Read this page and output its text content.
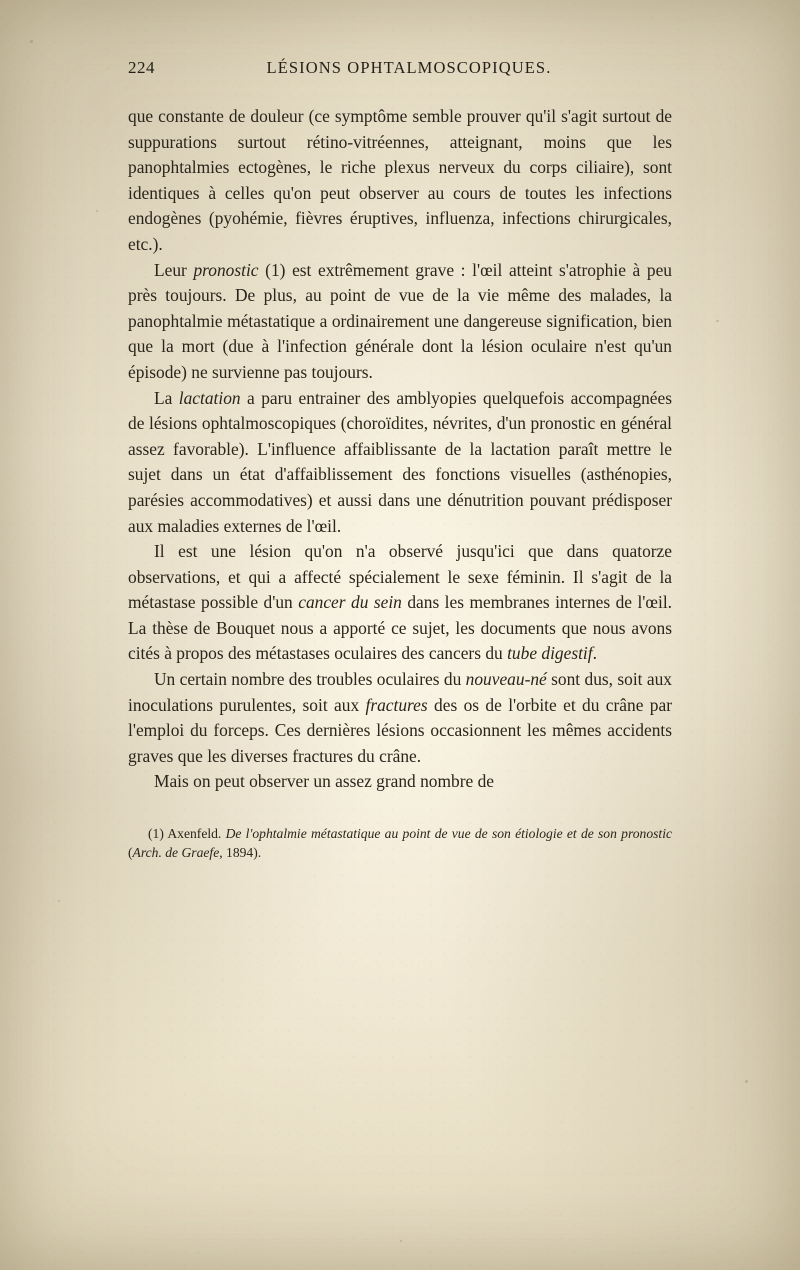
224	LÉSIONS OPHTALMOSCOPIQUES.

que constante de douleur (ce symptôme semble prouver qu'il s'agit surtout de suppurations surtout rétino-vitréennes, atteignant, moins que les panophtalmies ectogènes, le riche plexus nerveux du corps ciliaire), sont identiques à celles qu'on peut observer au cours de toutes les infections endogènes (pyohémie, fièvres éruptives, influenza, infections chirurgicales, etc.).

Leur pronostic (1) est extrêmement grave : l'œil atteint s'atrophie à peu près toujours. De plus, au point de vue de la vie même des malades, la panophtalmie métastatique a ordinairement une dangereuse signification, bien que la mort (due à l'infection générale dont la lésion oculaire n'est qu'un épisode) ne survienne pas toujours.

La lactation a paru entrainer des amblyopies quelquefois accompagnées de lésions ophtalmoscopiques (choroïdites, névrites, d'un pronostic en général assez favorable). L'influence affaiblissante de la lactation paraît mettre le sujet dans un état d'affaiblissement des fonctions visuelles (asthénopies, parésies accommodatives) et aussi dans une dénutrition pouvant prédisposer aux maladies externes de l'œil.

Il est une lésion qu'on n'a observé jusqu'ici que dans quatorze observations, et qui a affecté spécialement le sexe féminin. Il s'agit de la métastase possible d'un cancer du sein dans les membranes internes de l'œil. La thèse de Bouquet nous a apporté ce sujet, les documents que nous avons cités à propos des métastases oculaires des cancers du tube digestif.

Un certain nombre des troubles oculaires du nouveau-né sont dus, soit aux inoculations purulentes, soit aux fractures des os de l'orbite et du crâne par l'emploi du forceps. Ces dernières lésions occasionnent les mêmes accidents graves que les diverses fractures du crâne.

Mais on peut observer un assez grand nombre de

(1) Axenfeld. De l'ophtalmie métastatique au point de vue de son étiologie et de son pronostic (Arch. de Graefe, 1894).
